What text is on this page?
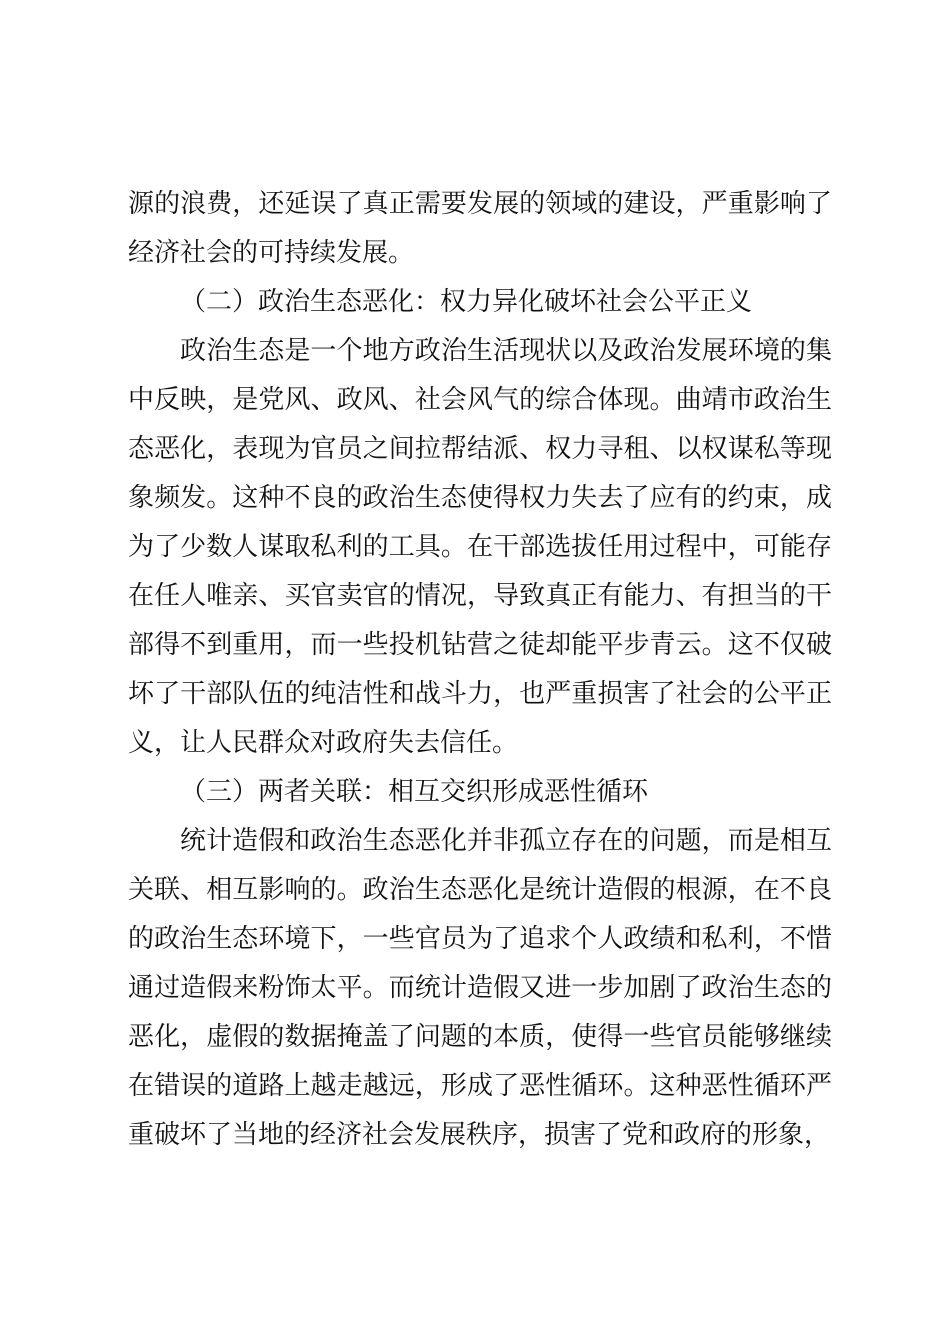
源的浪费，还延误了真正需要发展的领域的建设，严重影响了经济社会的可持续发展。

（二）政治生态恶化：权力异化破坏社会公平正义

政治生态是一个地方政治生活现状以及政治发展环境的集中反映，是党风、政风、社会风气的综合体现。曲靖市政治生态恶化，表现为官员之间拉帮结派、权力寻租、以权谋私等现象频发。这种不良的政治生态使得权力失去了应有的约束，成为了少数人谋取私利的工具。在干部选拔任用过程中，可能存在任人唯亲、买官卖官的情况，导致真正有能力、有担当的干部得不到重用，而一些投机钻营之徒却能平步青云。这不仅破坏了干部队伍的纯洁性和战斗力，也严重损害了社会的公平正义，让人民群众对政府失去信任。

（三）两者关联：相互交织形成恶性循环

统计造假和政治生态恶化并非孤立存在的问题，而是相互关联、相互影响的。政治生态恶化是统计造假的根源，在不良的政治生态环境下，一些官员为了追求个人政绩和私利，不惜通过造假来粉饰太平。而统计造假又进一步加剧了政治生态的恶化，虚假的数据掩盖了问题的本质，使得一些官员能够继续在错误的道路上越走越远，形成了恶性循环。这种恶性循环严重破坏了当地的经济社会发展秩序，损害了党和政府的形象，
